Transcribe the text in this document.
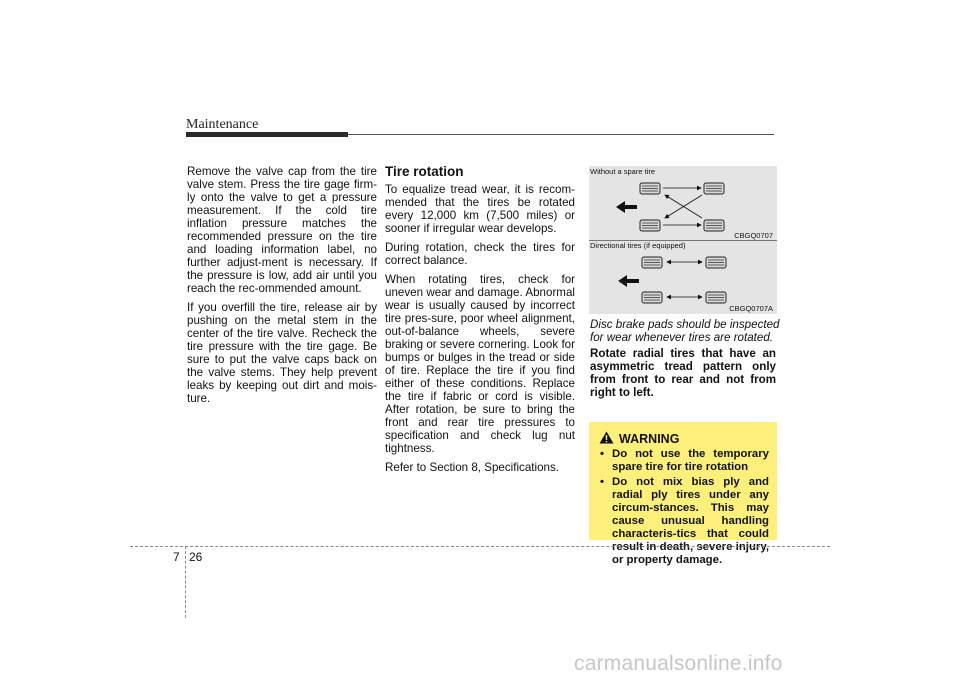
Maintenance

Remove the valve cap from the tire valve stem. Press the tire gage firm-ly onto the valve to get a pressure measurement. If the cold tire inflation pressure matches the recommended pressure on the tire and loading information label, no further adjust-ment is necessary. If the pressure is low, add air until you reach the rec-ommended amount.

If you overfill the tire, release air by pushing on the metal stem in the center of the tire valve. Recheck the tire pressure with the tire gage. Be sure to put the valve caps back on the valve stems. They help prevent leaks by keeping out dirt and mois-ture.

Tire rotation

To equalize tread wear, it is recom-mended that the tires be rotated every 12,000 km (7,500 miles) or sooner if irregular wear develops.

During rotation, check the tires for correct balance.

When rotating tires, check for uneven wear and damage. Abnormal wear is usually caused by incorrect tire pres-sure, poor wheel alignment, out-of-balance wheels, severe braking or severe cornering. Look for bumps or bulges in the tread or side of tire. Replace the tire if you find either of these conditions. Replace the tire if fabric or cord is visible. After rotation, be sure to bring the front and rear tire pressures to specification and check lug nut tightness.

Refer to Section 8, Specifications.

Without a spare tire
CBGQ0707
Directional tires (if equipped)
CBGQ0707A
Disc brake pads should be inspected for wear whenever tires are rotated.
Rotate radial tires that have an asymmetric tread pattern only from front to rear and not from right to left.
WARNING
• Do not use the temporary spare tire for tire rotation
• Do not mix bias ply and radial ply tires under any circum-stances. This may cause unusual handling characteris-tics that could result in death, severe injury, or property damage.
7 26
carmanualsonline.info
